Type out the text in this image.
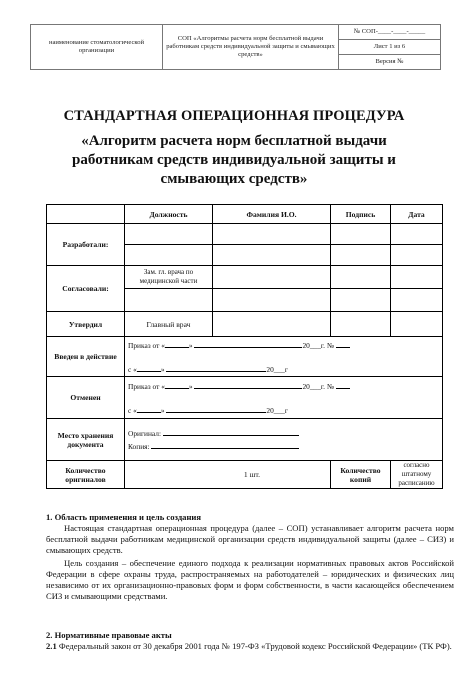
наименование стоматологической организации	СОП «Алгоритмы расчета норм бесплатной выдачи работникам средств индивидуальной защиты и смывающих средств»	№ СОП-____-____-_____
Лист 1 из 6
Версия №
СТАНДАРТНАЯ ОПЕРАЦИОННАЯ ПРОЦЕДУРА
«Алгоритм расчета норм бесплатной выдачи работникам средств индивидуальной защиты и смывающих средств»
	Должность	Фамилия И.О.	Подпись	Дата
Разработали:				

Согласовали:	Зам. гл. врача по медицинской части			

Утвердил	Главный врач			
Введен в действие	Приказ от « » 20___г. №
с « » 20___г			

Отменен	Приказ от « » 20___г. №
с « » 20___г			

Место хранения документа	Оригинал:
Копия:			

Количество оригиналов	1 шт.		Количество копий	согласно штатному расписанию
1. Область применения и цель создания
Настоящая стандартная операционная процедура (далее – СОП) устанавливает алгоритм расчета норм бесплатной выдачи работникам медицинской организации средств индивидуальной защиты (далее – СИЗ) и смывающих средств.
Цель создания – обеспечение единого подхода к реализации нормативных правовых актов Российской Федерации в сфере охраны труда, распространяемых на работодателей – юридических и физических лиц независимо от их организационно-правовых форм и форм собственности, в части касающейся обеспечением СИЗ и смывающими средствами.
2. Нормативные правовые акты
2.1 Федеральный закон от 30 декабря 2001 года № 197-ФЗ «Трудовой кодекс Российской Федерации» (ТК РФ).
